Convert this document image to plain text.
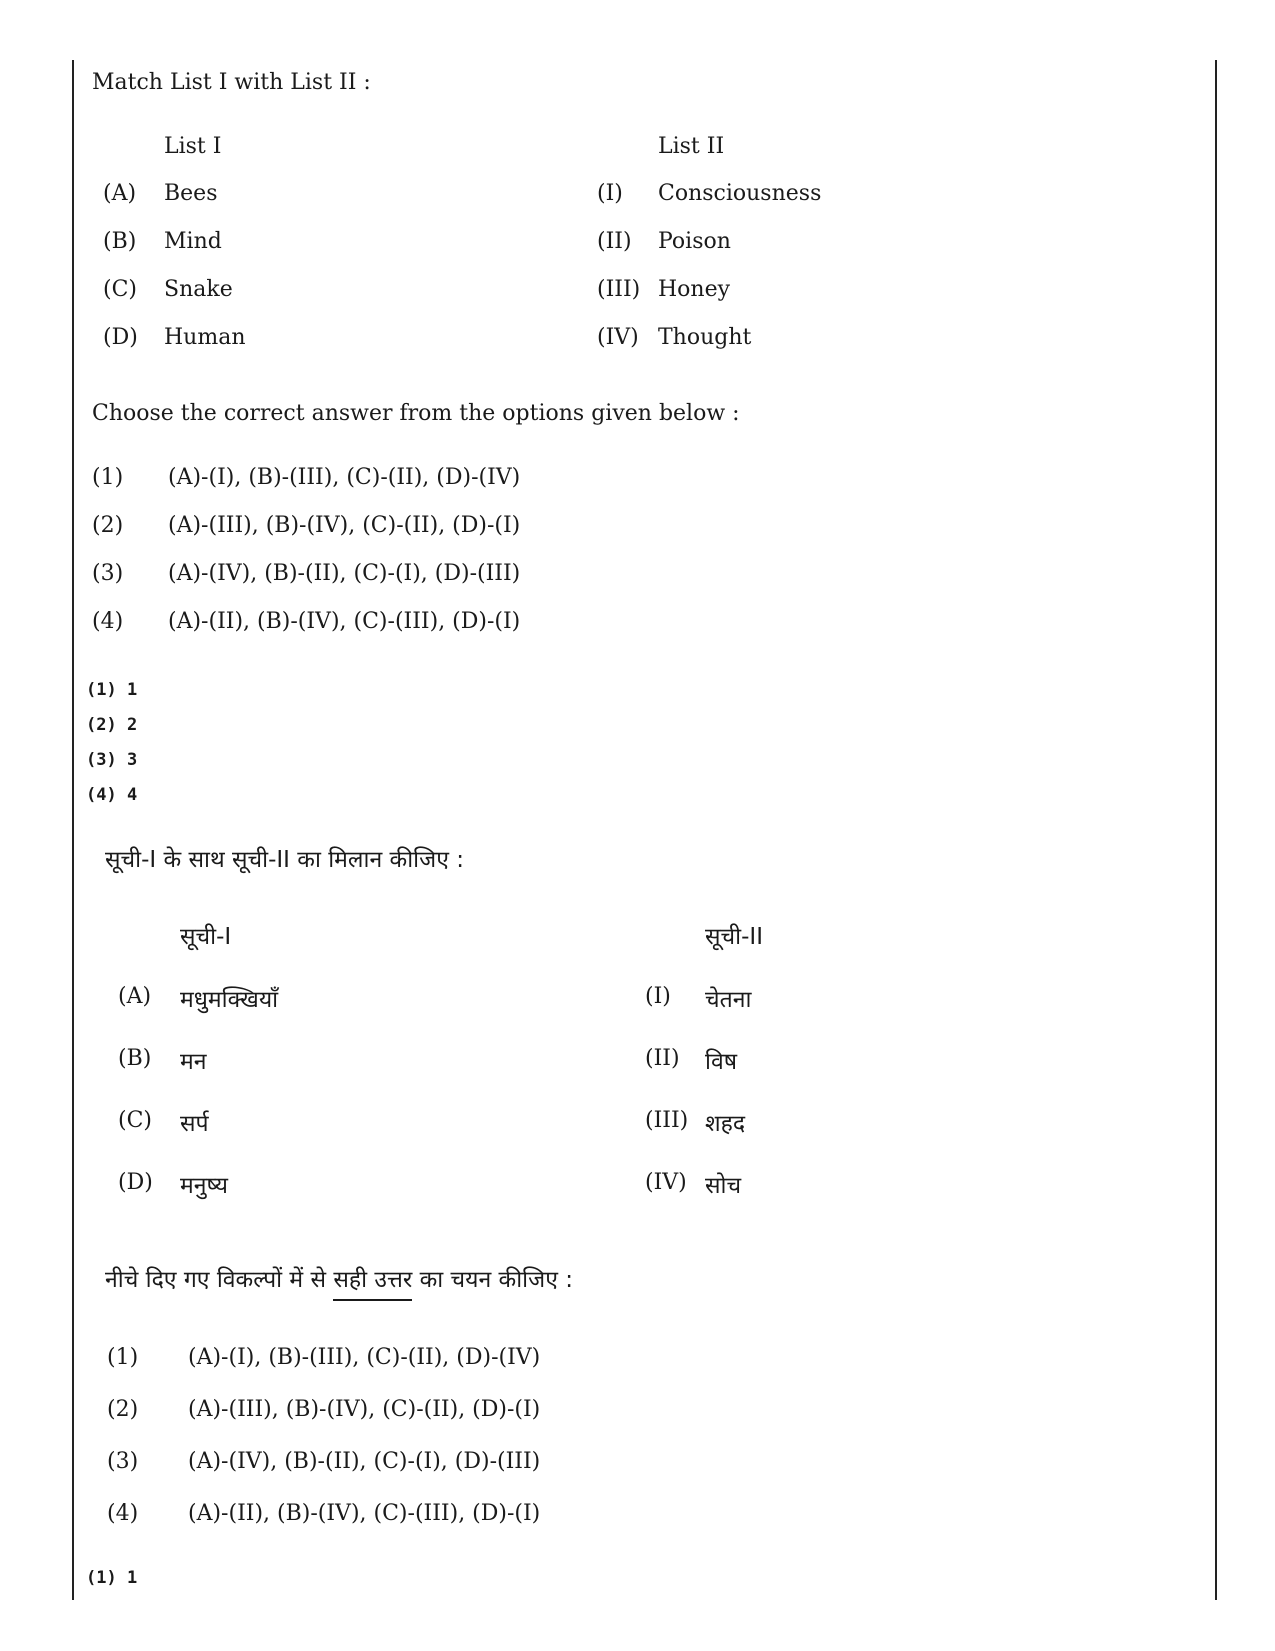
Match List I with List II :
List I	List II
(A) Bees	(I) Consciousness
(B) Mind	(II) Poison
(C) Snake	(III) Honey
(D) Human	(IV) Thought
Choose the correct answer from the options given below :
(1) (A)-(I), (B)-(III), (C)-(II), (D)-(IV)
(2) (A)-(III), (B)-(IV), (C)-(II), (D)-(I)
(3) (A)-(IV), (B)-(II), (C)-(I), (D)-(III)
(4) (A)-(II), (B)-(IV), (C)-(III), (D)-(I)
(1) 1
(2) 2
(3) 3
(4) 4
सूची-I के साथ सूची-II का मिलान कीजिए :
सूची-I	सूची-II
(A) मधुमक्खियाँ	(I) चेतना
(B) मन	(II) विष
(C) सर्प	(III) शहद
(D) मनुष्य	(IV) सोच
नीचे दिए गए विकल्पों में से सही उत्तर का चयन कीजिए :
(1) (A)-(I), (B)-(III), (C)-(II), (D)-(IV)
(2) (A)-(III), (B)-(IV), (C)-(II), (D)-(I)
(3) (A)-(IV), (B)-(II), (C)-(I), (D)-(III)
(4) (A)-(II), (B)-(IV), (C)-(III), (D)-(I)
(1) 1
